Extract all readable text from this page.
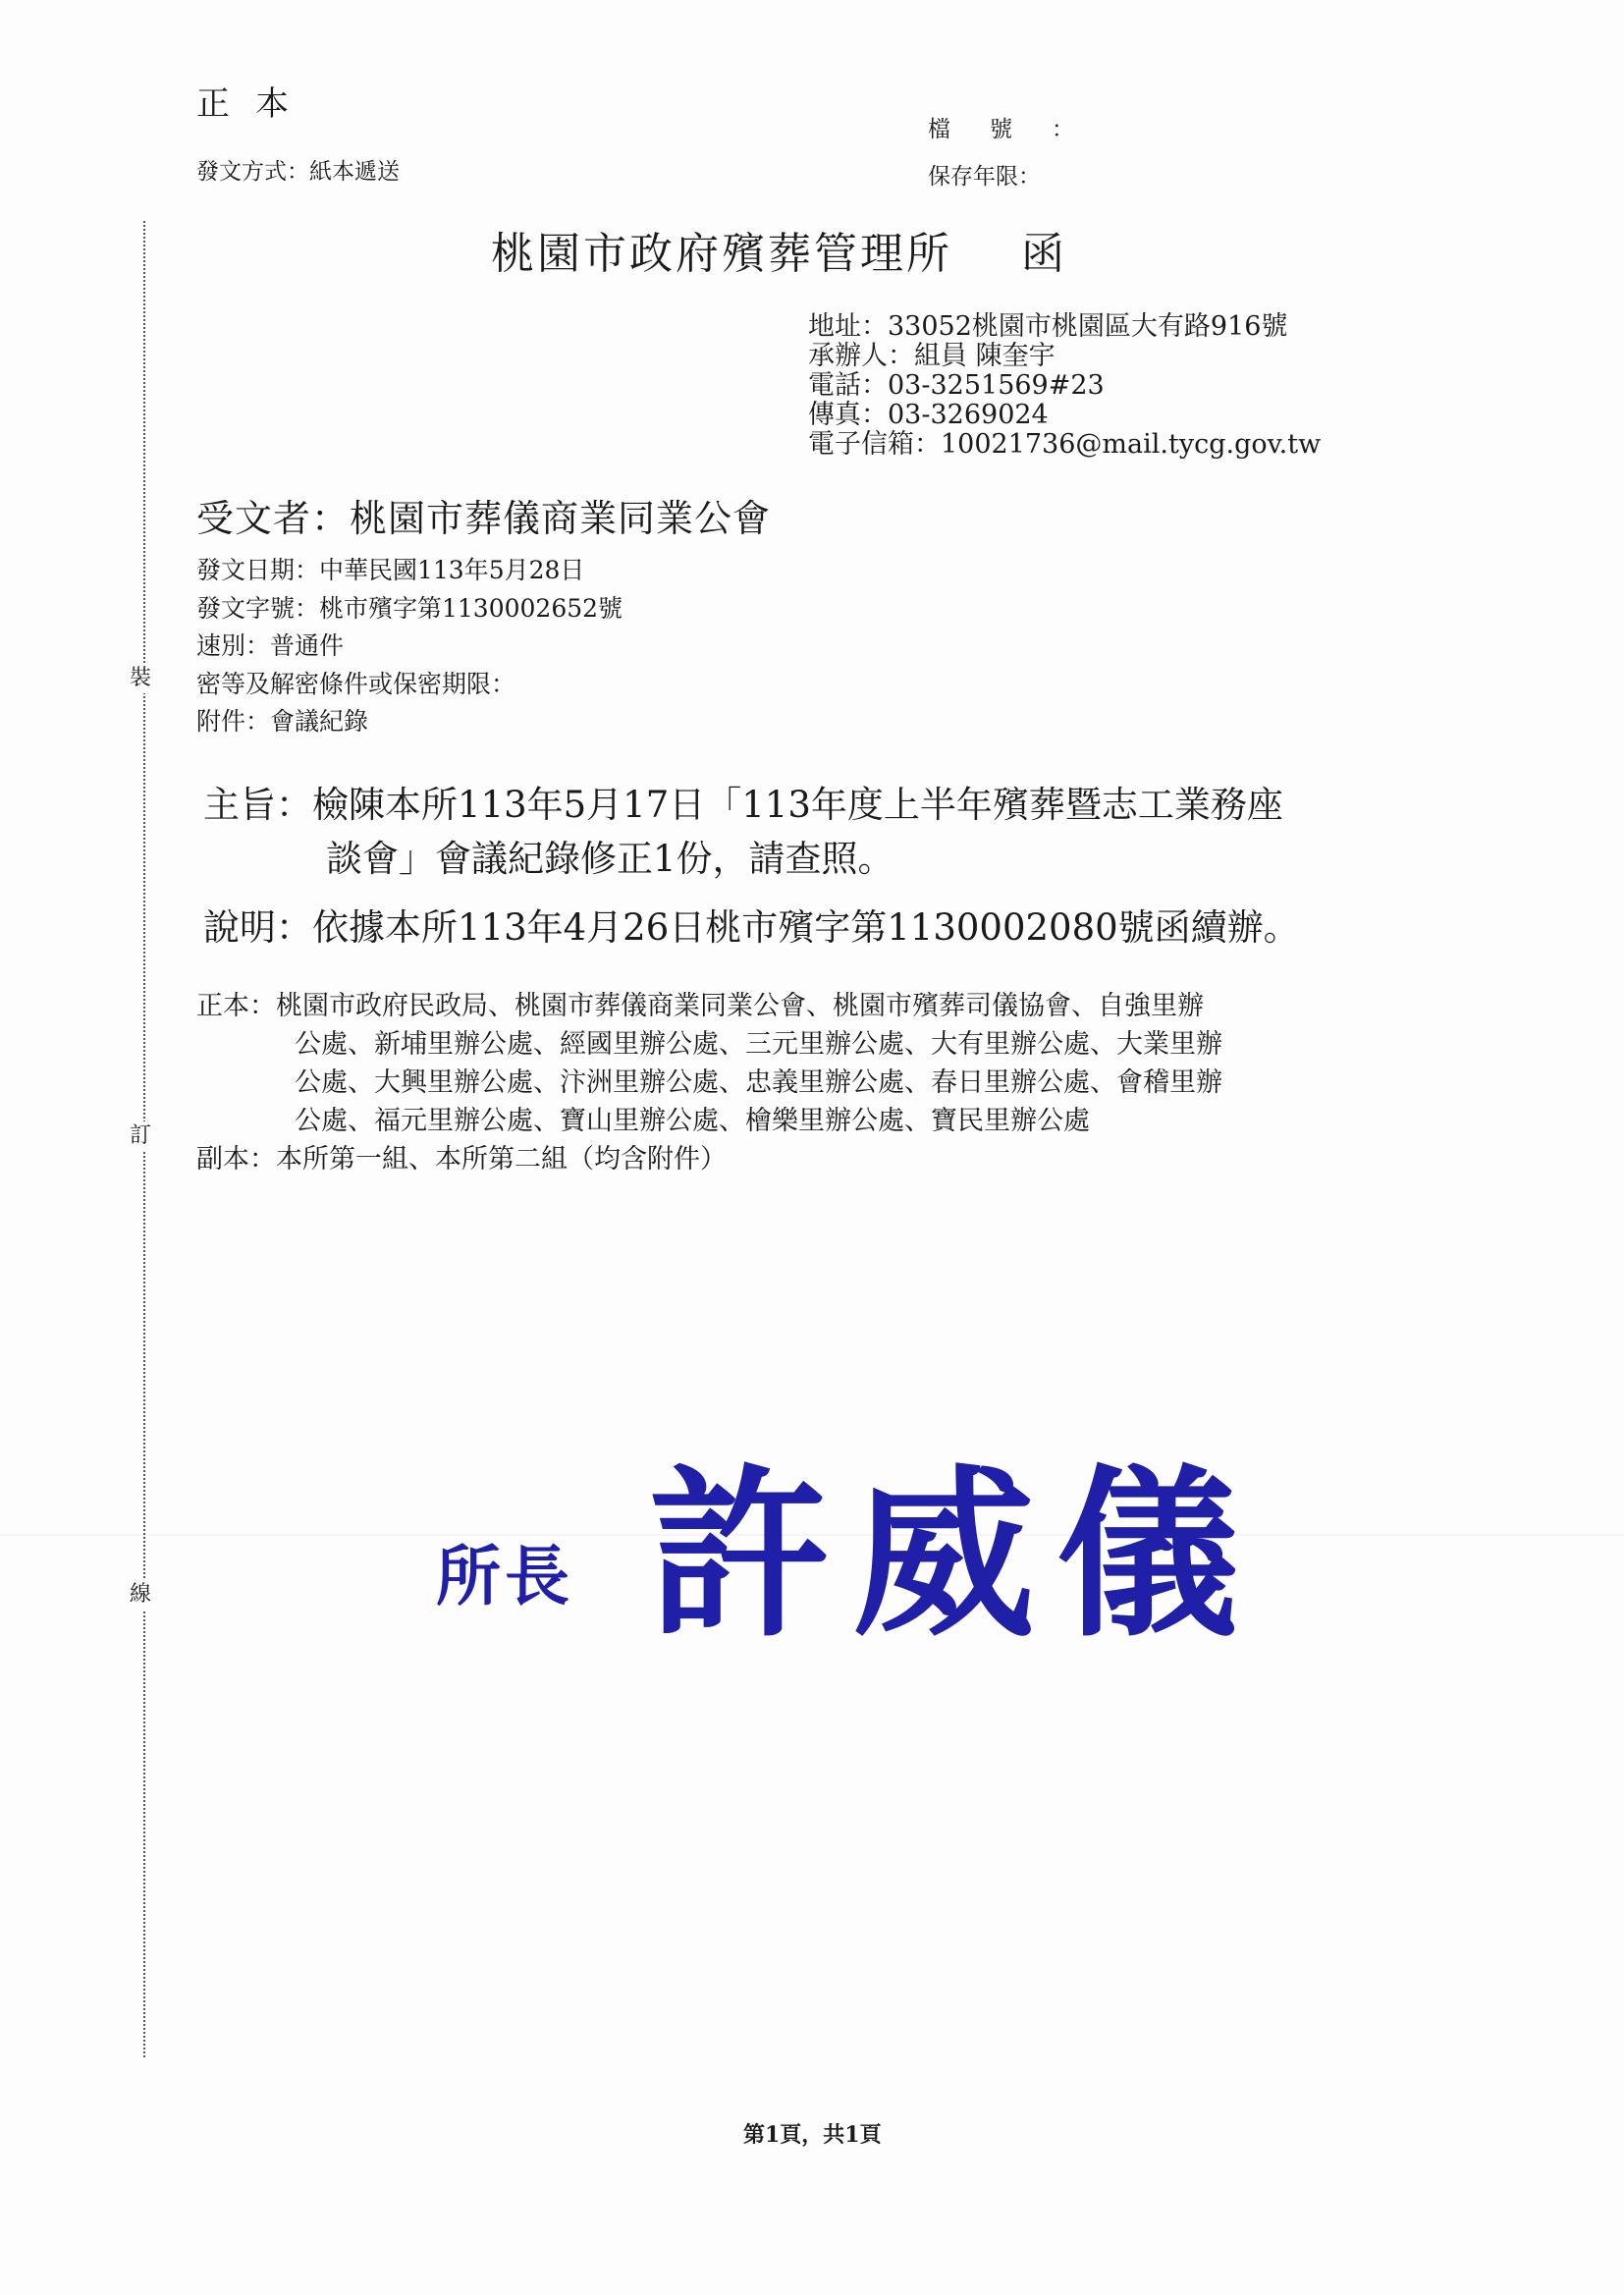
裝
訂
線
正本
發文方式：紙本遞送
檔號：
保存年限：
桃園市政府殯葬管理所 函
地址：33052桃園市桃園區大有路916號
承辦人：組員 陳奎宇
電話：03-3251569#23
傳真：03-3269024
電子信箱：10021736@mail.tycg.gov.tw
受文者：桃園市葬儀商業同業公會
發文日期：中華民國113年5月28日
發文字號：桃市殯字第1130002652號
速別：普通件
密等及解密條件或保密期限：
附件：會議紀錄
主旨：檢陳本所113年5月17日「113年度上半年殯葬暨志工業務座
談會」會議紀錄修正1份，請查照。
說明：依據本所113年4月26日桃市殯字第1130002080號函續辦。
正本：桃園市政府民政局、桃園市葬儀商業同業公會、桃園市殯葬司儀協會、自強里辦
公處、新埔里辦公處、經國里辦公處、三元里辦公處、大有里辦公處、大業里辦
公處、大興里辦公處、汴洲里辦公處、忠義里辦公處、春日里辦公處、會稽里辦
公處、福元里辦公處、寶山里辦公處、檜樂里辦公處、寶民里辦公處
副本：本所第一組、本所第二組（均含附件）
所長 許威儀
第1頁，共1頁
